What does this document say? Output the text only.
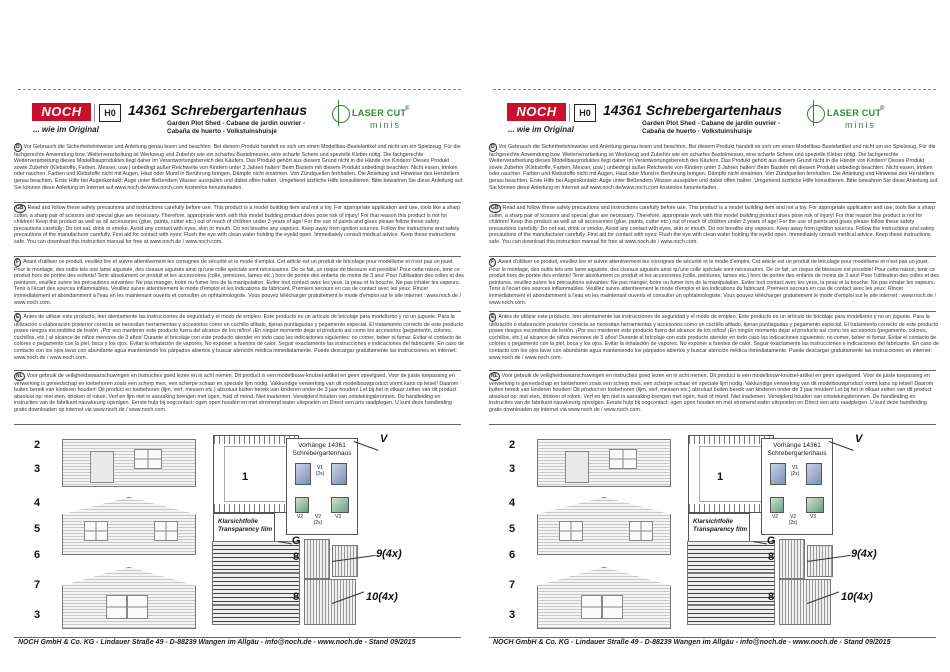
NOCH
... wie im Original
H0 14361 Schrebergartenhaus
Garden Plot Shed - Cabane de jardin ouvrier -
Cabaña de huerto - Volkstuinshuisje
LASER CUT
minis
®
D Vor Gebrauch die Sicherheitshinweise und Anleitung genau lesen und beachten. Bei diesem Produkt handelt es sich um einen Modellbau-Bastelartikel und nicht um ein Spielzeug. Für die fachgerechte Anwendung bzw. Weiterverarbeitung ist Werkzeug und Zubehör wie ein scharfes Bastelmesser, eine scharfe Schere und spezielle Kleber nötig. Die fachgerechte Weiterverarbeitung dieses Modellbauproduktes liegt daher im Verantwortungsbereich des Käufers. Das Produkt gehört aus diesem Grund nicht in die Hände von Kindern! Dieses Produkt sowie Zubehör (Klebstoffe, Farben, Messer, usw.) unbedingt außer Reichweite von Kindern unter 3 Jahren halten! Beim Basteln mit diesem Produkt unbedingt beachten: Nicht essen, trinken oder rauchen. Farben und Klebstoffe nicht mit Augen, Haut oder Mund in Berührung bringen. Dämpfe nicht einatmen. Von Zündquellen fernhalten. Die Anleitung und Hinweise des Herstellers genau beachten. Erste Hilfe bei Augenkontakt: Auge unter fließendem Wasser ausspülen und dabei offen halten. Umgehend ärztliche Hilfe konsultieren. Bitte bewahren Sie diese Anleitung auf. Sie können diese Anleitung im Internet auf www.noch.de/www.noch.com kostenlos herunterladen.
GB Read and follow these safety precautions and instructions carefully before use. This product is a model building item and not a toy. For appropriate application and use, tools like a sharp cutter, a sharp pair of scissors and special glue are necessary. Therefore, appropriate work with this model building product does pose risk of injury! For that reason this product is not for children! Keep this product as well as all accessories (glue, paints, cutter etc.) out of reach of children under 3 years of age! For the use of paints and glues please follow these safety precautions carefully: Do not eat, drink or smoke. Avoid any contact with eyes, skin or mouth. Do not breathe any vapours. Keep away from ignition sources. Follow the instructions and safety precautions of the manufacturer carefully. First aid for contact with eyes: Flush the eye with clean water holding the eyelid open. Immediately consult medical advice. Keep these instructions safe. You can download this instruction manual for free at www.noch.de / www.noch.com.
F Avant d'utiliser ce produit, veuillez lire et suivre attentivement les consignes de sécurité et le mode d'emploi. Cet article est un produit de bricolage pour modélisme et n'est pas un jouet. Pour le montage, des outils tels une lame aiguisée, des ciseaux aiguisés ainsi qu'une colle spéciale sont nécessaires. De ce fait, un risque de blessure est possible! Pour cette raison, tenir ce produit hors de portée des enfants! Tenir absolument ce produit et les accessoires (colle, peintures, lames etc.) hors de portée des enfants de moins de 3 ans! Pour l'utilisation des colles et des peintures, veuillez suivre les précautions suivantes: Ne pas manger, boire ou fumer lors de la manipulation. Eviter tout contact avec les yeux, la peau et la bouche. Ne pas inhaler les vapeurs. Tenir à l'écart des sources inflammables. Veuillez suivre attentivement le mode d'emploi et les indications du fabricant. Premiers secours en cas de contact avec les yeux: Rincer immédiatement et abondamment à l'eau en les maintenant ouverts et consulter un ophtalmologiste. Vous pouvez télécharger gratuitement le mode d'emploi sur le site internet : www.noch.de / www.noch.com.
E Antes de utilizar este producto, leer atentamente las instrucciones de seguridad y el modo de empleo. Este producto es un artículo de bricolaje para modelismo y no un juguete. Para la utilización o elaboración posterior correcta se necesitan herramientas y accesorios como un cuchillo afilado, tijeras puntiagudas y pegamento especial. El tratamiento correcto de este producto posee riesgos escondidos de lesión. ¡Por eso mantener este producto fuera del alcance de los niños! ¡En ningún momento dejar el producto así como los accesorios (pegamento, colores, cuchillos, etc.) al alcance de niños menores de 3 años! Durante el bricolaje con este producto atender en todo caso las indicaciones siguientes: no comer, beber ni fumar. Evitar el contacto de colores o pegamento con la piel, boca y los ojos. Evitar la inhalación de vapores. No exponer a fuentes de calor. Seguir exactamente las instrucciones e indicaciones del fabricante. En caso de contacto con los ojos lavar con abundante agua manteniendo los párpados abiertos y buscar atención médica inmediatamente. Puede descargar gratuitamente las instrucciones en internet: www.noch.de / www.noch.com.
NL Voor gebruik de veiligheidswaarschuwingen en instructies goed lezen en in acht nemen. Dit product is een modelbouw-knutsel-artikel en geen speelgoed. Voor de juiste toepassing en verwerking is gereedschap en toebehoren zoals een scherp mes, een scherpe schaar en speciale lijm nodig. Vakkundige verwerking van dit modelbouwproduct vormt kans op letsel! Daarom buiten bereik van kinderen houden! Dit product en toebehoren (lijm, verf, messen etc.) absoluut buiten bereik van kinderen onder de 3 jaar houden! Let bij het in elkaar zetten van dit product absoluut op: niet eten, drinken of roken. Verf en lijm niet in aanraking brengen met ogen, huid of mond. Niet inademen. Verwijderd houden van ontstekingsbronnen. De handleiding en instructies van de fabrikant nauwkeurig opvolgen. Eerste hulp bij oogcontact: ogen open houden en met stromend water uitspoelen en Direct een arts raadplegen. U kunt deze handleiding gratis downloaden op internet via www.noch.de / www.noch.com.
Vorhänge 14361
Schrebergartenhaus
V1
(2x)
V2	V2
(2x)
V3
Klarsichtfolie
Transparency film
2
3
4
5
6
7
3
1
G
8
8
V
9(4x)
10(4x)
NOCH GmbH & Co. KG - Lindauer Straße 49 - D-88239 Wangen im Allgäu - info@noch.de - www.noch.de - Stand 09/2015
NOCH
... wie im Original
H0 14361 Schrebergartenhaus
Garden Plot Shed - Cabane de jardin ouvrier -
Cabaña de huerto - Volkstuinshuisje
LASER CUT
minis
®
D Vor Gebrauch die Sicherheitshinweise und Anleitung genau lesen und beachten. Bei diesem Produkt handelt es sich um einen Modellbau-Bastelartikel und nicht um ein Spielzeug. Für die fachgerechte Anwendung bzw. Weiterverarbeitung ist Werkzeug und Zubehör wie ein scharfes Bastelmesser, eine scharfe Schere und spezielle Kleber nötig. Die fachgerechte Weiterverarbeitung dieses Modellbauproduktes liegt daher im Verantwortungsbereich des Käufers. Das Produkt gehört aus diesem Grund nicht in die Hände von Kindern! Dieses Produkt sowie Zubehör (Klebstoffe, Farben, Messer, usw.) unbedingt außer Reichweite von Kindern unter 3 Jahren halten! Beim Basteln mit diesem Produkt unbedingt beachten: Nicht essen, trinken oder rauchen. Farben und Klebstoffe nicht mit Augen, Haut oder Mund in Berührung bringen. Dämpfe nicht einatmen. Von Zündquellen fernhalten. Die Anleitung und Hinweise des Herstellers genau beachten. Erste Hilfe bei Augenkontakt: Auge unter fließendem Wasser ausspülen und dabei offen halten. Umgehend ärztliche Hilfe konsultieren. Bitte bewahren Sie diese Anleitung auf. Sie können diese Anleitung im Internet auf www.noch.de/www.noch.com kostenlos herunterladen.
GB Read and follow these safety precautions and instructions carefully before use. This product is a model building item and not a toy. For appropriate application and use, tools like a sharp cutter, a sharp pair of scissors and special glue are necessary. Therefore, appropriate work with this model building product does pose risk of injury! For that reason this product is not for children! Keep this product as well as all accessories (glue, paints, cutter etc.) out of reach of children under 3 years of age! For the use of paints and glues please follow these safety precautions carefully: Do not eat, drink or smoke. Avoid any contact with eyes, skin or mouth. Do not breathe any vapours. Keep away from ignition sources. Follow the instructions and safety precautions of the manufacturer carefully. First aid for contact with eyes: Flush the eye with clean water holding the eyelid open. Immediately consult medical advice. Keep these instructions safe. You can download this instruction manual for free at www.noch.de / www.noch.com.
F Avant d'utiliser ce produit, veuillez lire et suivre attentivement les consignes de sécurité et le mode d'emploi. Cet article est un produit de bricolage pour modélisme et n'est pas un jouet. Pour le montage, des outils tels une lame aiguisée, des ciseaux aiguisés ainsi qu'une colle spéciale sont nécessaires. De ce fait, un risque de blessure est possible! Pour cette raison, tenir ce produit hors de portée des enfants! Tenir absolument ce produit et les accessoires (colle, peintures, lames etc.) hors de portée des enfants de moins de 3 ans! Pour l'utilisation des colles et des peintures, veuillez suivre les précautions suivantes: Ne pas manger, boire ou fumer lors de la manipulation. Eviter tout contact avec les yeux, la peau et la bouche. Ne pas inhaler les vapeurs. Tenir à l'écart des sources inflammables. Veuillez suivre attentivement le mode d'emploi et les indications du fabricant. Premiers secours en cas de contact avec les yeux: Rincer immédiatement et abondamment à l'eau en les maintenant ouverts et consulter un ophtalmologiste. Vous pouvez télécharger gratuitement le mode d'emploi sur le site internet : www.noch.de / www.noch.com.
E Antes de utilizar este producto, leer atentamente las instrucciones de seguridad y el modo de empleo. Este producto es un artículo de bricolaje para modelismo y no un juguete. Para la utilización o elaboración posterior correcta se necesitan herramientas y accesorios como un cuchillo afilado, tijeras puntiagudas y pegamento especial. El tratamiento correcto de este producto posee riesgos escondidos de lesión. ¡Por eso mantener este producto fuera del alcance de los niños! ¡En ningún momento dejar el producto así como los accesorios (pegamento, colores, cuchillos, etc.) al alcance de niños menores de 3 años! Durante el bricolaje con este producto atender en todo caso las indicaciones siguientes: no comer, beber ni fumar. Evitar el contacto de colores o pegamento con la piel, boca y los ojos. Evitar la inhalación de vapores. No exponer a fuentes de calor. Seguir exactamente las instrucciones e indicaciones del fabricante. En caso de contacto con los ojos lavar con abundante agua manteniendo los párpados abiertos y buscar atención médica inmediatamente. Puede descargar gratuitamente las instrucciones en internet: www.noch.de / www.noch.com.
NL Voor gebruik de veiligheidswaarschuwingen en instructies goed lezen en in acht nemen. Dit product is een modelbouw-knutsel-artikel en geen speelgoed. Voor de juiste toepassing en verwerking is gereedschap en toebehoren zoals een scherp mes, een scherpe schaar en speciale lijm nodig. Vakkundige verwerking van dit modelbouwproduct vormt kans op letsel! Daarom buiten bereik van kinderen houden! Dit product en toebehoren (lijm, verf, messen etc.) absoluut buiten bereik van kinderen onder de 3 jaar houden! Let bij het in elkaar zetten van dit product absoluut op: niet eten, drinken of roken. Verf en lijm niet in aanraking brengen met ogen, huid of mond. Niet inademen. Verwijderd houden van ontstekingsbronnen. De handleiding en instructies van de fabrikant nauwkeurig opvolgen. Eerste hulp bij oogcontact: ogen open houden en met stromend water uitspoelen en Direct een arts raadplegen. U kunt deze handleiding gratis downloaden op internet via www.noch.de / www.noch.com.
Vorhänge 14361
Schrebergartenhaus
V1
(2x)
V2	V2
(2x)
V3
Klarsichtfolie
Transparency film
2
3
4
5
6
7
3
1
G
8
8
V
9(4x)
10(4x)
NOCH GmbH & Co. KG - Lindauer Straße 49 - D-88239 Wangen im Allgäu - info@noch.de - www.noch.de - Stand 09/2015
